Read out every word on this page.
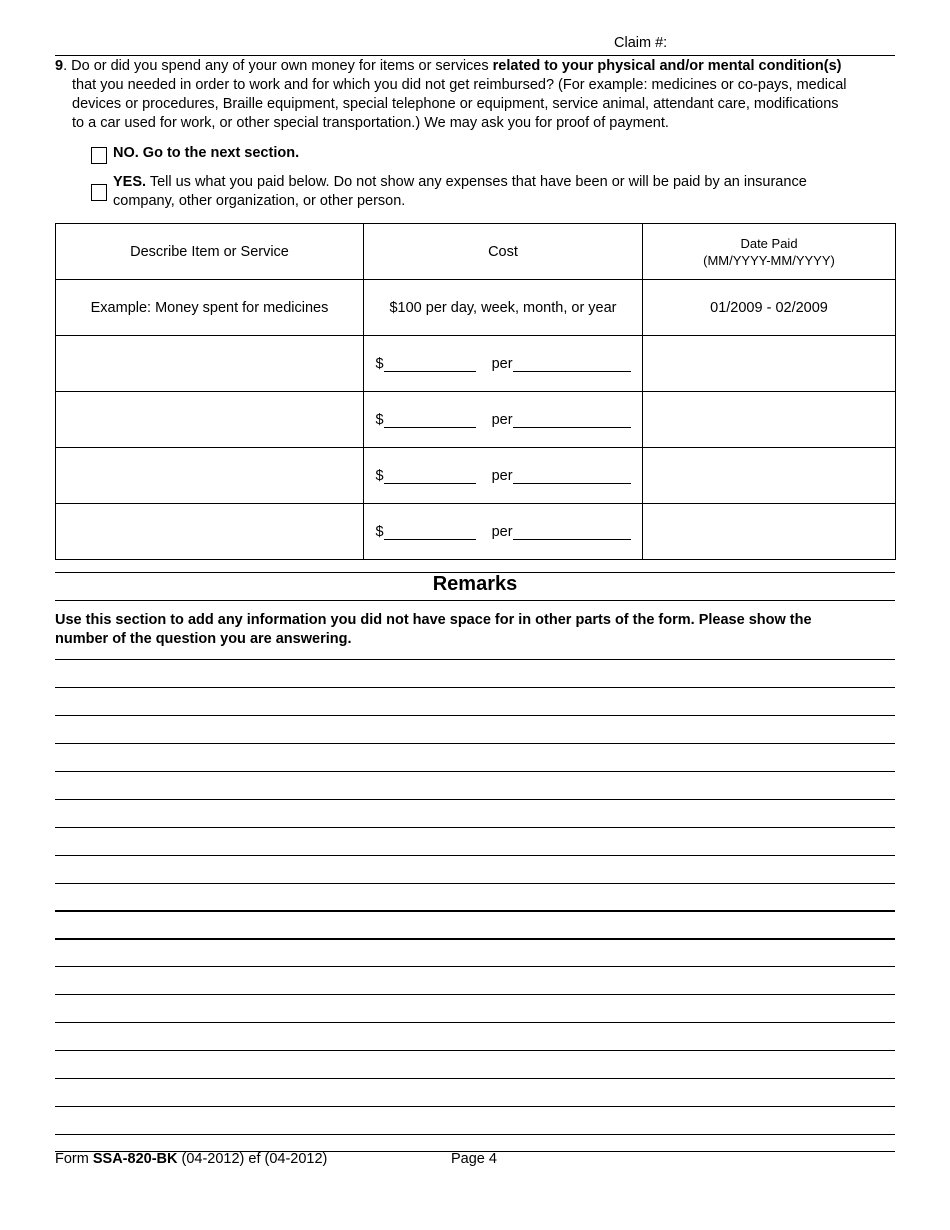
Claim #:
9. Do or did you spend any of your own money for items or services related to your physical and/or mental condition(s)
that you needed in order to work and for which you did not get reimbursed? (For example: medicines or co-pays, medical
devices or procedures, Braille equipment, special telephone or equipment, service animal, attendant care, modifications
to a car used for work, or other special transportation.) We may ask you for proof of payment.
NO. Go to the next section.
YES. Tell us what you paid below. Do not show any expenses that have been or will be paid by an insurance
company, other organization, or other person.
Describe Item or Service	Cost	Date Paid
(MM/YYYY-MM/YYYY)
Example: Money spent for medicines	$100 per day, week, month, or year	01/2009 - 02/2009
	$ per	
	$ per	
	$ per	
	$ per	
Remarks
Use this section to add any information you did not have space for in other parts of the form. Please show the
number of the question you are answering.
Form SSA-820-BK (04-2012) ef (04-2012)	Page 4
